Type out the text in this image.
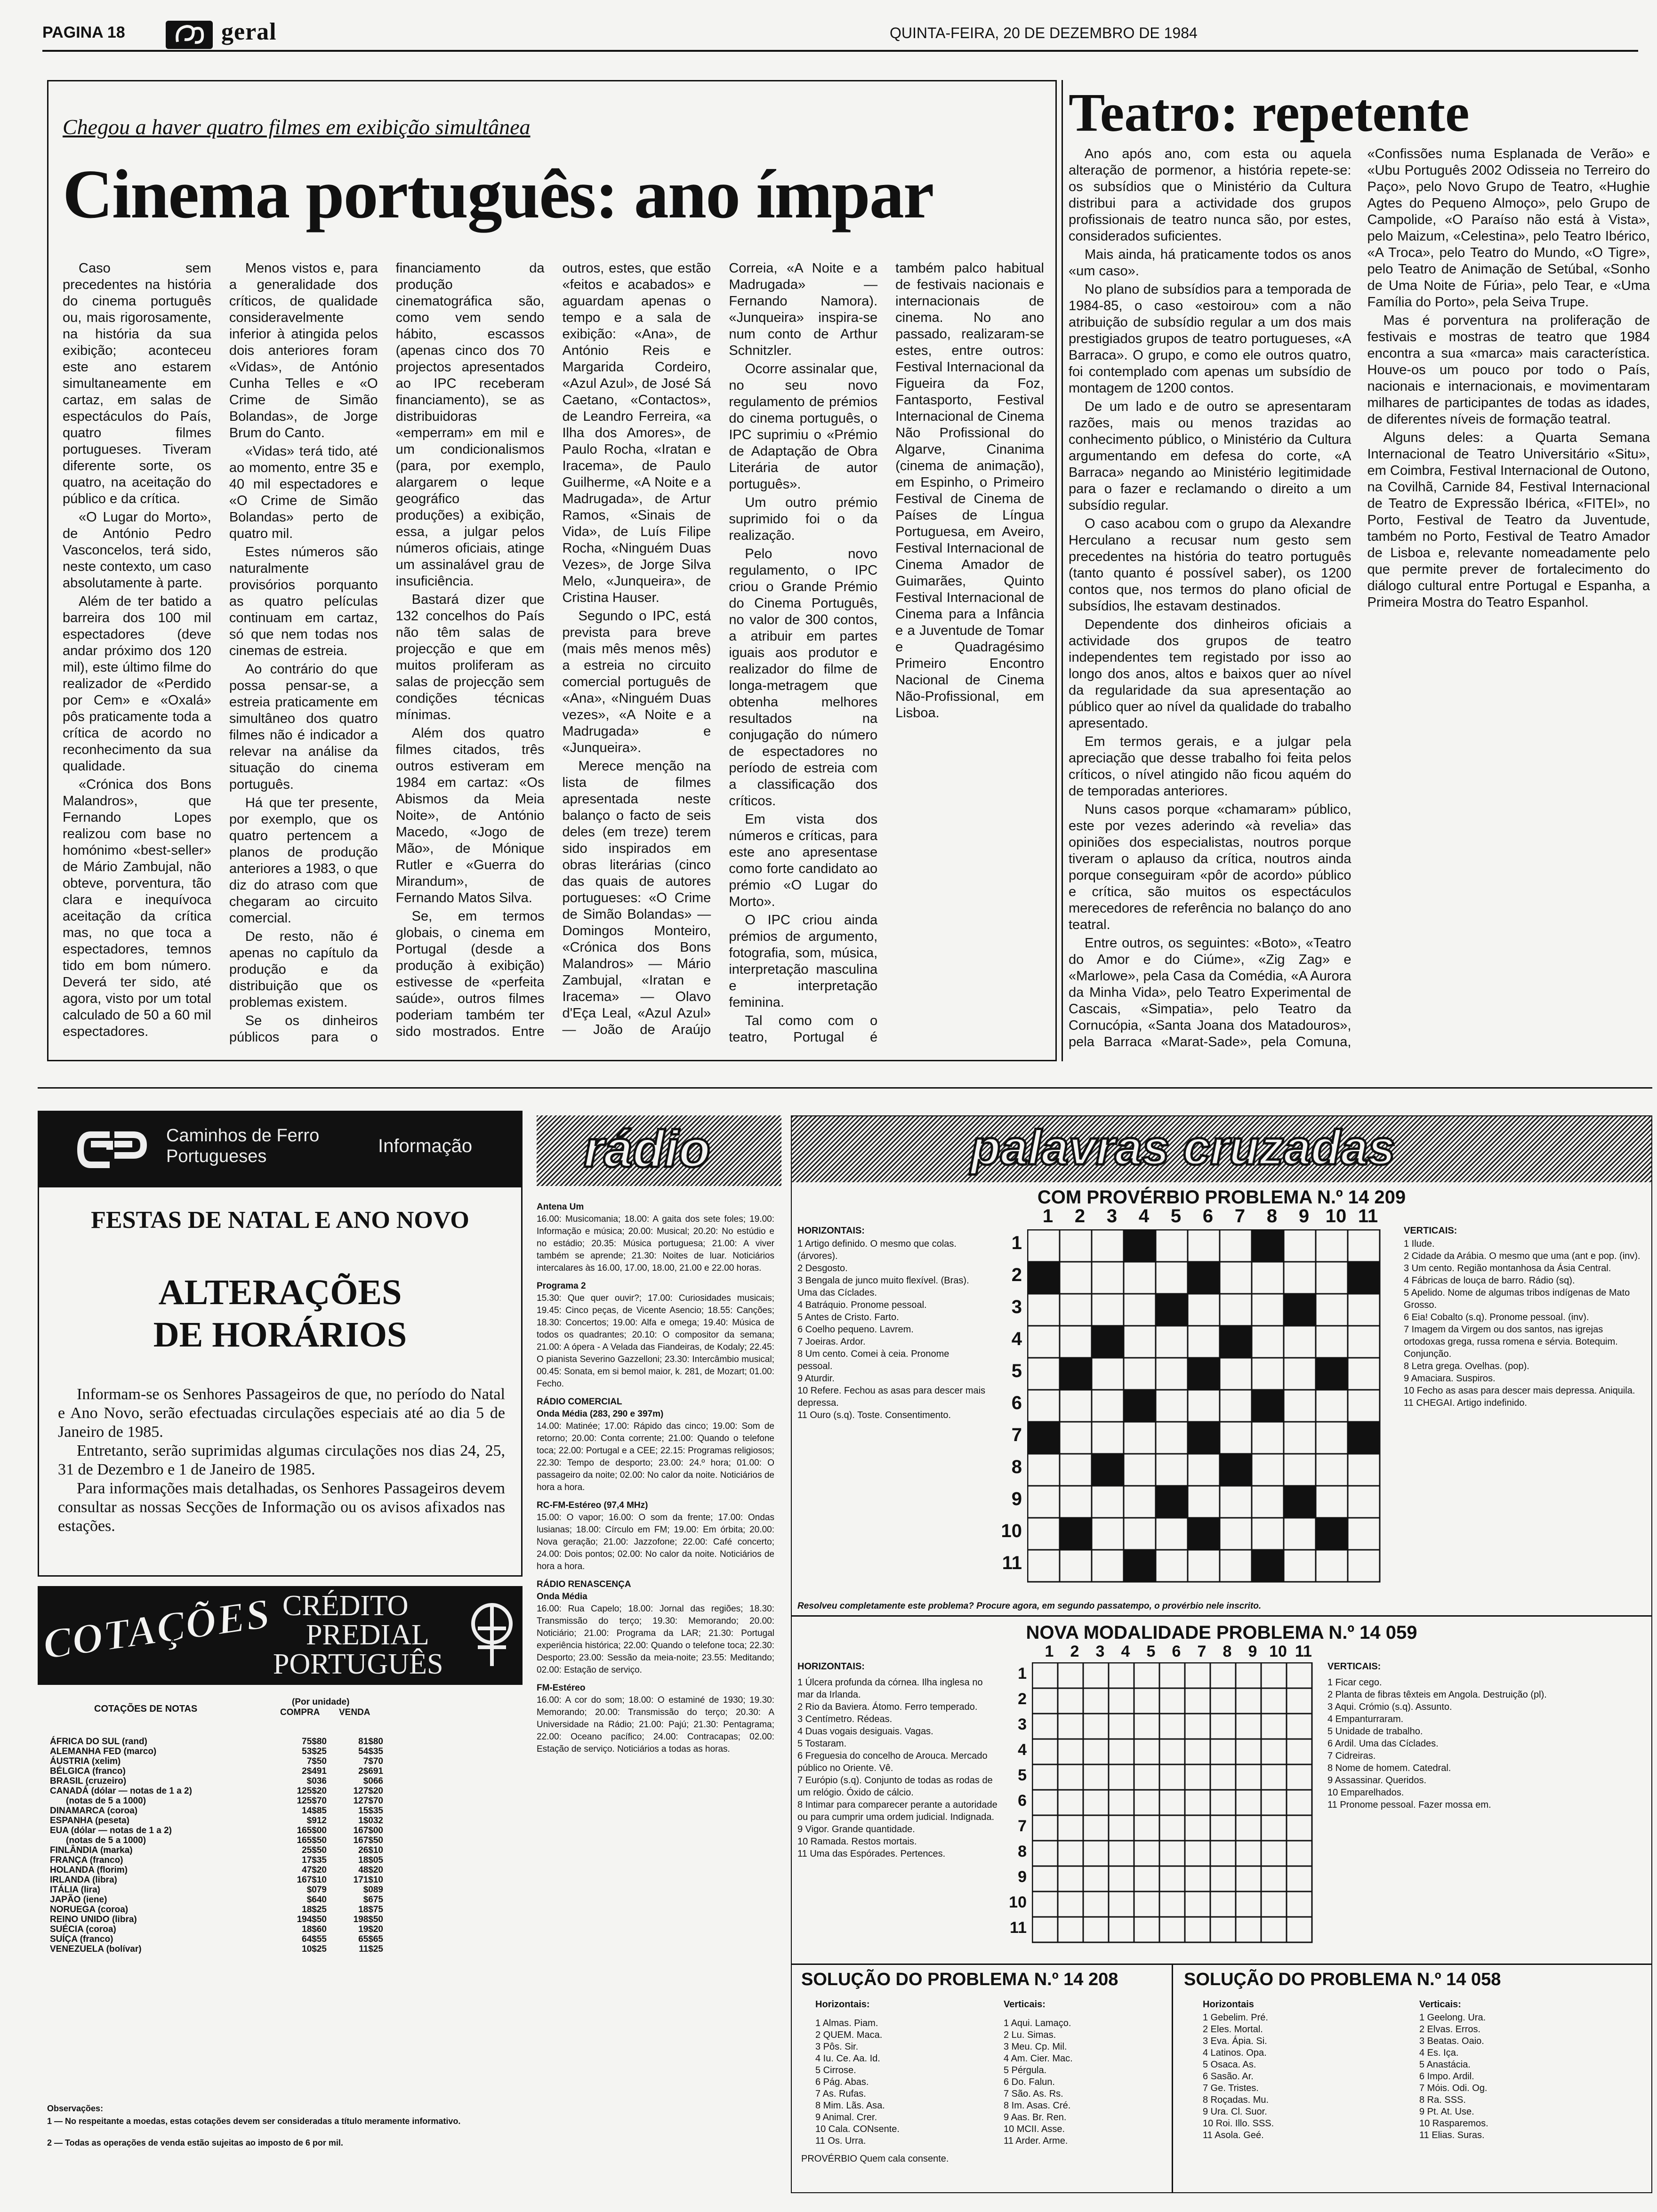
PAGINA 18	geral	QUINTA-FEIRA, 20 DE DEZEMBRO DE 1984
Chegou a haver quatro filmes em exibição simultânea
Cinema português: ano ímpar

Caso sem precedentes na história do cinema português ou, mais rigorosamente, na história da sua exibição; aconteceu este ano estarem simultaneamente em cartaz, em salas de espectáculos do País, quatro filmes portugueses. Tiveram diferente sorte, os quatro, na aceitação do público e da crítica.

«O Lugar do Morto», de António Pedro Vasconcelos, terá sido, neste contexto, um caso absolutamente à parte.

Além de ter batido a barreira dos 100 mil espectadores (deve andar próximo dos 120 mil), este último filme do realizador de «Perdido por Cem» e «Oxalá» pôs praticamente toda a crítica de acordo no reconhecimento da sua qualidade.

«Crónica dos Bons Malandros», que Fernando Lopes realizou com base no homónimo «best-seller» de Mário Zambujal, não obteve, porventura, tão clara e inequívoca aceitação da crítica mas, no que toca a espectadores, temnos tido em bom número. Deverá ter sido, até agora, visto por um total calculado de 50 a 60 mil espectadores.

Menos vistos e, para a generalidade dos críticos, de qualidade consideravelmente inferior à atingida pelos dois anteriores foram «Vidas», de António Cunha Telles e «O Crime de Simão Bolandas», de Jorge Brum do Canto.

«Vidas» terá tido, até ao momento, entre 35 e 40 mil espectadores e «O Crime de Simão Bolandas» perto de quatro mil.

Estes números são naturalmente provisórios porquanto as quatro películas continuam em cartaz, só que nem todas nos cinemas de estreia.

Ao contrário do que possa pensar-se, a estreia praticamente em simultâneo dos quatro filmes não é indicador a relevar na análise da situação do cinema português.

Há que ter presente, por exemplo, que os quatro pertencem a planos de produção anteriores a 1983, o que diz do atraso com que chegaram ao circuito comercial.

De resto, não é apenas no capítulo da produção e da distribuição que os problemas existem.

Se os dinheiros públicos para o financiamento da produção cinematográfica são, como vem sendo hábito, escassos (apenas cinco dos 70 projectos apresentados ao IPC receberam financiamento), se as distribuidoras «emperram» em mil e um condicionalismos (para, por exemplo, alargarem o leque geográfico das produções) a exibição, essa, a julgar pelos números oficiais, atinge um assinalável grau de insuficiência.

Bastará dizer que 132 concelhos do País não têm salas de projecção e que em muitos proliferam as salas de projecção sem condições técnicas mínimas.

Além dos quatro filmes citados, três outros estiveram em 1984 em cartaz: «Os Abismos da Meia Noite», de António Macedo, «Jogo de Mão», de Mónique Rutler e «Guerra do Mirandum», de Fernando Matos Silva.

Se, em termos globais, o cinema em Portugal (desde a produção à exibição) estivesse de «perfeita saúde», outros filmes poderiam também ter sido mostrados. Entre outros, estes, que estão «feitos e acabados» e aguardam apenas o tempo e a sala de exibição: «Ana», de António Reis e Margarida Cordeiro, «Azul Azul», de José Sá Caetano, «Contactos», de Leandro Ferreira, «a Ilha dos Amores», de Paulo Rocha, «Iratan e Iracema», de Paulo Guilherme, «A Noite e a Madrugada», de Artur Ramos, «Sinais de Vida», de Luís Filipe Rocha, «Ninguém Duas Vezes», de Jorge Silva Melo, «Junqueira», de Cristina Hauser.

Segundo o IPC, está prevista para breve (mais mês menos mês) a estreia no circuito comercial português de «Ana», «Ninguém Duas vezes», «A Noite e a Madrugada» e «Junqueira».

Merece menção na lista de filmes apresentada neste balanço o facto de seis deles (em treze) terem sido inspirados em obras literárias (cinco das quais de autores portugueses: «O Crime de Simão Bolandas» — Domingos Monteiro, «Crónica dos Bons Malandros» — Mário Zambujal, «Iratan e Iracema» — Olavo d'Eça Leal, «Azul Azul» — João de Araújo Correia, «A Noite e a Madrugada» — Fernando Namora). «Junqueira» inspira-se num conto de Arthur Schnitzler.

Ocorre assinalar que, no seu novo regulamento de prémios do cinema português, o IPC suprimiu o «Prémio de Adaptação de Obra Literária de autor português».

Um outro prémio suprimido foi o da realização.

Pelo novo regulamento, o IPC criou o Grande Prémio do Cinema Português, no valor de 300 contos, a atribuir em partes iguais aos produtor e realizador do filme de longa-metragem que obtenha melhores resultados na conjugação do número de espectadores no período de estreia com a classificação dos críticos.

Em vista dos números e críticas, para este ano apresentase como forte candidato ao prémio «O Lugar do Morto».

O IPC criou ainda prémios de argumento, fotografia, som, música, interpretação masculina e interpretação feminina.

Tal como com o teatro, Portugal é também palco habitual de festivais nacionais e internacionais de cinema. No ano passado, realizaram-se estes, entre outros: Festival Internacional da Figueira da Foz, Fantasporto, Festival Internacional de Cinema Não Profissional do Algarve, Cinanima (cinema de animação), em Espinho, o Primeiro Festival de Cinema de Países de Língua Portuguesa, em Aveiro, Festival Internacional de Cinema Amador de Guimarães, Quinto Festival Internacional de Cinema para a Infância e a Juventude de Tomar e Quadragésimo Primeiro Encontro Nacional de Cinema Não-Profissional, em Lisboa.

Teatro: repetente

Ano após ano, com esta ou aquela alteração de pormenor, a história repete-se: os subsídios que o Ministério da Cultura distribui para a actividade dos grupos profissionais de teatro nunca são, por estes, considerados suficientes.

Mais ainda, há praticamente todos os anos «um caso».

No plano de subsídios para a temporada de 1984-85, o caso «estoirou» com a não atribuição de subsídio regular a um dos mais prestigiados grupos de teatro portugueses, «A Barraca». O grupo, e como ele outros quatro, foi contemplado com apenas um subsídio de montagem de 1200 contos.

De um lado e de outro se apresentaram razões, mais ou menos trazidas ao conhecimento público, o Ministério da Cultura argumentando em defesa do corte, «A Barraca» negando ao Ministério legitimidade para o fazer e reclamando o direito a um subsídio regular.

O caso acabou com o grupo da Alexandre Herculano a recusar num gesto sem precedentes na história do teatro português (tanto quanto é possível saber), os 1200 contos que, nos termos do plano oficial de subsídios, lhe estavam destinados.

Dependente dos dinheiros oficiais a actividade dos grupos de teatro independentes tem registado por isso ao longo dos anos, altos e baixos quer ao nível da regularidade da sua apresentação ao público quer ao nível da qualidade do trabalho apresentado.

Em termos gerais, e a julgar pela apreciação que desse trabalho foi feita pelos críticos, o nível atingido não ficou aquém do de temporadas anteriores.

Nuns casos porque «chamaram» público, este por vezes aderindo «à revelia» das opiniões dos especialistas, noutros porque tiveram o aplauso da crítica, noutros ainda porque conseguiram «pôr de acordo» público e crítica, são muitos os espectáculos merecedores de referência no balanço do ano teatral.

Entre outros, os seguintes: «Boto», «Teatro do Amor e do Ciúme», «Zig Zag» e «Marlowe», pela Casa da Comédia, «A Aurora da Minha Vida», pelo Teatro Experimental de Cascais, «Simpatia», pelo Teatro da Cornucópia, «Santa Joana dos Matadouros», pela Barraca «Marat-Sade», pela Comuna, «Confissões numa Esplanada de Verão» e «Ubu Português 2002 Odisseia no Terreiro do Paço», pelo Novo Grupo de Teatro, «Hughie Agtes do Pequeno Almoço», pelo Grupo de Campolide, «O Paraíso não está à Vista», pelo Maizum, «Celestina», pelo Teatro Ibérico, «A Troca», pelo Teatro do Mundo, «O Tigre», pelo Teatro de Animação de Setúbal, «Sonho de Uma Noite de Fúria», pelo Tear, e «Uma Família do Porto», pela Seiva Trupe.

Mas é porventura na proliferação de festivais e mostras de teatro que 1984 encontra a sua «marca» mais característica. Houve-os um pouco por todo o País, nacionais e internacionais, e movimentaram milhares de participantes de todas as idades, de diferentes níveis de formação teatral.

Alguns deles: a Quarta Semana Internacional de Teatro Universitário «Situ», em Coimbra, Festival Internacional de Outono, na Covilhã, Carnide 84, Festival Internacional de Teatro de Expressão Ibérica, «FITEI», no Porto, Festival de Teatro da Juventude, também no Porto, Festival de Teatro Amador de Lisboa e, relevante nomeadamente pelo que permite prever de fortalecimento do diálogo cultural entre Portugal e Espanha, a Primeira Mostra do Teatro Espanhol.

Caminhos de Ferro Portugueses	Informação
FESTAS DE NATAL E ANO NOVO
ALTERAÇÕES
DE HORÁRIOS

Informam-se os Senhores Passageiros de que, no período do Natal e Ano Novo, serão efectuadas circulações especiais até ao dia 5 de Janeiro de 1985.

Entretanto, serão suprimidas algumas circulações nos dias 24, 25, 31 de Dezembro e 1 de Janeiro de 1985.

Para informações mais detalhadas, os Senhores Passageiros devem consultar as nossas Secções de Informação ou os avisos afixados nas estações.

COTAÇÕES CRÉDITO
PREDIAL
PORTUGUÊS
COTAÇÕES DE NOTAS
(Por unidade)
COMPRA VENDA
ÁFRICA DO SUL (rand)	75$80	81$80
ALEMANHA FED (marco)	53$25	54$35
ÁUSTRIA (xelim)	7$50	7$70
BÉLGICA (franco)	2$491	2$691
BRASIL (cruzeiro)	$036	$066
CANADÁ (dólar — notas de 1 a 2)	125$20	127$20
(notas de 5 a 1000)	125$70	127$70
DINAMARCA (coroa)	14$85	15$35
ESPANHA (peseta)	$912	1$032
EUA (dólar — notas de 1 a 2)	165$00	167$00
(notas de 5 a 1000)	165$50	167$50
FINLÂNDIA (marka)	25$50	26$10
FRANÇA (franco)	17$35	18$05
HOLANDA (florim)	47$20	48$20
IRLANDA (libra)	167$10	171$10
ITÁLIA (lira)	$079	$089
JAPÃO (iene)	$640	$675
NORUEGA (coroa)	18$25	18$75
REINO UNIDO (libra)	194$50	198$50
SUÉCIA (coroa)	18$60	19$20
SUÍÇA (franco)	64$55	65$65
VENEZUELA (bolívar)	10$25	11$25
Observações:
1 — No respeitante a moedas, estas cotações devem ser consideradas a título meramente informativo.
2 — Todas as operações de venda estão sujeitas ao imposto de 6 por mil.
rádio
Antena Um

16.00: Musicomania; 18.00: A gaita dos sete foles; 19.00: Informação e música; 20.00: Musical; 20.20: No estúdio e no estádio; 20.35: Música portuguesa; 21.00: A viver também se aprende; 21.30: Noites de luar. Noticiários intercalares às 16.00, 17.00, 18.00, 21.00 e 22.00 horas.

Programa 2

15.30: Que quer ouvir?; 17.00: Curiosidades musicais; 19.45: Cinco peças, de Vicente Asencio; 18.55: Canções; 18.30: Concertos; 19.00: Alfa e omega; 19.40: Música de todos os quadrantes; 20.10: O compositor da semana; 21.00: A ópera - A Velada das Fiandeiras, de Kodaly; 22.45: O pianista Severino Gazzelloni; 23.30: Intercâmbio musical; 00.45: Sonata, em si bemol maior, k. 281, de Mozart; 01.00: Fecho.

RÁDIO COMERCIAL
Onda Média (283, 290 e 397m)

14.00: Matinée; 17.00: Rápido das cinco; 19.00: Som de retorno; 20.00: Conta corrente; 21.00: Quando o telefone toca; 22.00: Portugal e a CEE; 22.15: Programas religiosos; 22.30: Tempo de desporto; 23.00: 24.º hora; 01.00: O passageiro da noite; 02.00: No calor da noite. Noticiários de hora a hora.

RC-FM-Estéreo (97,4 MHz)

15.00: O vapor; 16.00: O som da frente; 17.00: Ondas lusianas; 18.00: Círculo em FM; 19.00: Em órbita; 20.00: Nova geração; 21.00: Jazzofone; 22.00: Café concerto; 24.00: Dois pontos; 02.00: No calor da noite. Noticiários de hora a hora.

RÁDIO RENASCENÇA
Onda Média

16.00: Rua Capelo; 18.00: Jornal das regiões; 18.30: Transmissão do terço; 19.30: Memorando; 20.00: Noticiário; 21.00: Programa da LAR; 21.30: Portugal experiência histórica; 22.00: Quando o telefone toca; 22.30: Desporto; 23.00: Sessão da meia-noite; 23.55: Meditando; 02.00: Estação de serviço.

FM-Estéreo

16.00: A cor do som; 18.00: O estaminé de 1930; 19.30: Memorando; 20.00: Transmissão do terço; 20.30: A Universidade na Rádio; 21.00: Pajú; 21.30: Pentagrama; 22.00: Oceano pacífico; 24.00: Contracapas; 02.00: Estação de serviço. Noticiários a todas as horas.

palavras cruzadas
COM PROVÉRBIO PROBLEMA N.º 14 209
HORIZONTAIS:
1 Artigo definido. O mesmo que colas. (árvores).
2 Desgosto.
3 Bengala de junco muito flexível. (Bras). Uma das Cíclades.
4 Batráquio. Pronome pessoal.
5 Antes de Cristo. Farto.
6 Coelho pequeno. Lavrem.
7 Joeiras. Ardor.
8 Um cento. Comei à ceia. Pronome pessoal.
9 Aturdir.
10 Refere. Fechou as asas para descer mais depressa.
11 Ouro (s.q). Toste. Consentimento.
1	2	3	4	5	6	7	8	9 10 11
1
2
3
4
5
6
7
8
9
10
11
VERTICAIS:
1 Ilude.
2 Cidade da Arábia. O mesmo que uma (ant e pop. (inv).
3 Um cento. Região montanhosa da Ásia Central.
4 Fábricas de louça de barro. Rádio (sq).
5 Apelido. Nome de algumas tribos indígenas de Mato Grosso.
6 Eia! Cobalto (s.q). Pronome pessoal. (inv).
7 Imagem da Virgem ou dos santos, nas igrejas ortodoxas grega, russa romena e sérvia. Botequim. Conjunção.
8 Letra grega. Ovelhas. (pop).
9 Amaciara. Suspiros.
10 Fecho as asas para descer mais depressa. Aniquila.
11 CHEGAI. Artigo indefinido.
Resolveu completamente este problema? Procure agora, em segundo passatempo, o provérbio nele inscrito.
NOVA MODALIDADE PROBLEMA N.º 14 059
HORIZONTAIS:
1 Úlcera profunda da córnea. Ilha inglesa no mar da Irlanda.
2 Rio da Baviera. Átomo. Ferro temperado.
3 Centímetro. Rédeas.
4 Duas vogais desiguais. Vagas.
5 Tostaram.
6 Freguesia do concelho de Arouca. Mercado público no Oriente. Vê.
7 Európio (s.q). Conjunto de todas as rodas de um relógio. Óxido de cálcio.
8 Intimar para comparecer perante a autoridade ou para cumprir uma ordem judicial. Indignada.
9 Vigor. Grande quantidade.
10 Ramada. Restos mortais.
11 Uma das Espórades. Pertences.
1	2	3	4	5	6	7	8	9 10 11
1
2
3
4
5
6
7
8
9
10
11
VERTICAIS:
1 Ficar cego.
2 Planta de fibras têxteis em Angola. Destruição (pl).
3 Aqui. Crómio (s.q). Assunto.
4 Empanturraram.
5 Unidade de trabalho.
6 Ardil. Uma das Cíclades.
7 Cidreiras.
8 Nome de homem. Catedral.
9 Assassinar. Queridos.
10 Emparelhados.
11 Pronome pessoal. Fazer mossa em.
SOLUÇÃO DO PROBLEMA N.º 14 208
Horizontais:
1 Almas. Piam.
2 QUEM. Maca.
3 Pôs. Sir.
4 Iu. Ce. Aa. Id.
5 Cirrose.
6 Pág. Abas.
7 As. Rufas.
8 Mim. Lãs. Asa.
9 Animal. Crer.
10 Cala. CONsente.
11 Os. Urra.
Verticais:
1 Aqui. Lamaço.
2 Lu. Simas.
3 Meu. Cp. Mil.
4 Am. Cier. Mac.
5 Pérgula.
6 Do. Falun.
7 São. As. Rs.
8 Im. Asas. Cré.
9 Aas. Br. Ren.
10 MCII. Asse.
11 Arder. Arme.
PROVÉRBIO Quem cala consente.
SOLUÇÃO DO PROBLEMA N.º 14 058
Horizontais
1 Gebelim. Pré.
2 Eles. Mortal.
3 Eva. Ápia. Si.
4 Latinos. Opa.
5 Osaca. As.
6 Sasão. Ar.
7 Ge. Tristes.
8 Roçadas. Mu.
9 Ura. Cl. Suor.
10 Roi. Illo. SSS.
11 Asola. Geé.
Verticais:
1 Geelong. Ura.
2 Elvas. Erros.
3 Beatas. Oaio.
4 Es. Iça.
5 Anastácia.
6 Impo. Ardil.
7 Móis. Odi. Og.
8 Ra. SSS.
9 Pt. At. Use.
10 Rasparemos.
11 Elias. Suras.
